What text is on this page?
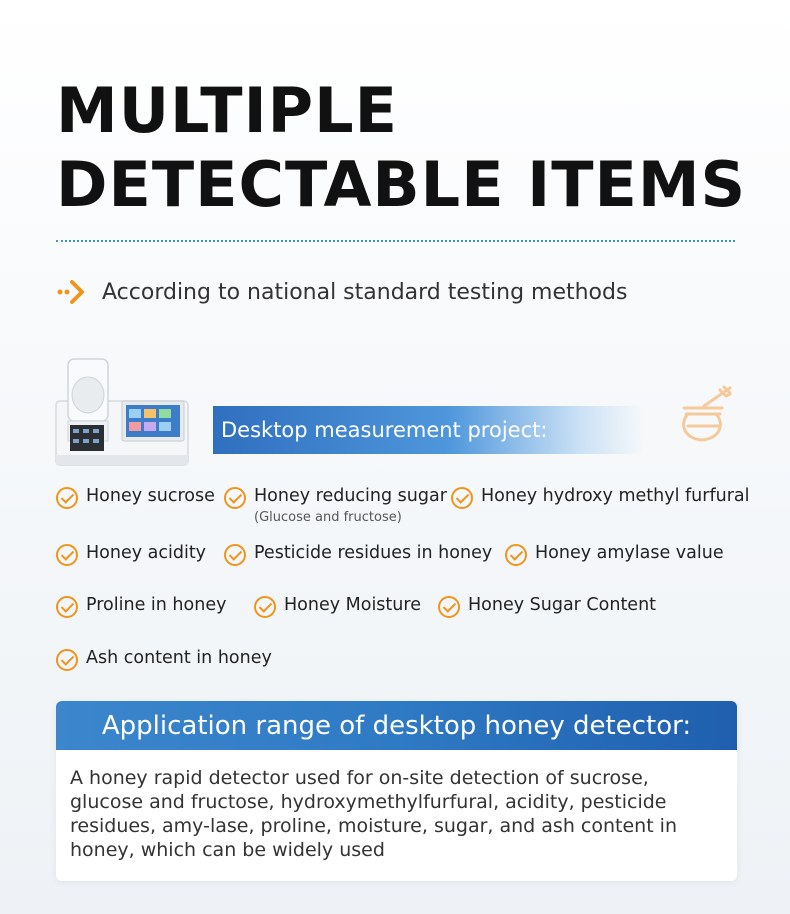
MULTIPLE
DETECTABLE ITEMS
According to national standard testing methods
Desktop measurement project:
Honey sucrose Honey reducing sugar
(Glucose and fructose)
Honey hydroxy methyl furfural
Honey acidity	Pesticide residues in honey Honey amylase value
Proline in honey	Honey Moisture	Honey Sugar Content
Ash content in honey
Application range of desktop honey detector:

A honey rapid detector used for on-site detection of sucrose, glucose and fructose, hydroxymethylfurfural, acidity, pesticide residues, amy-lase, proline, moisture, sugar, and ash content in honey, which can be widely used
